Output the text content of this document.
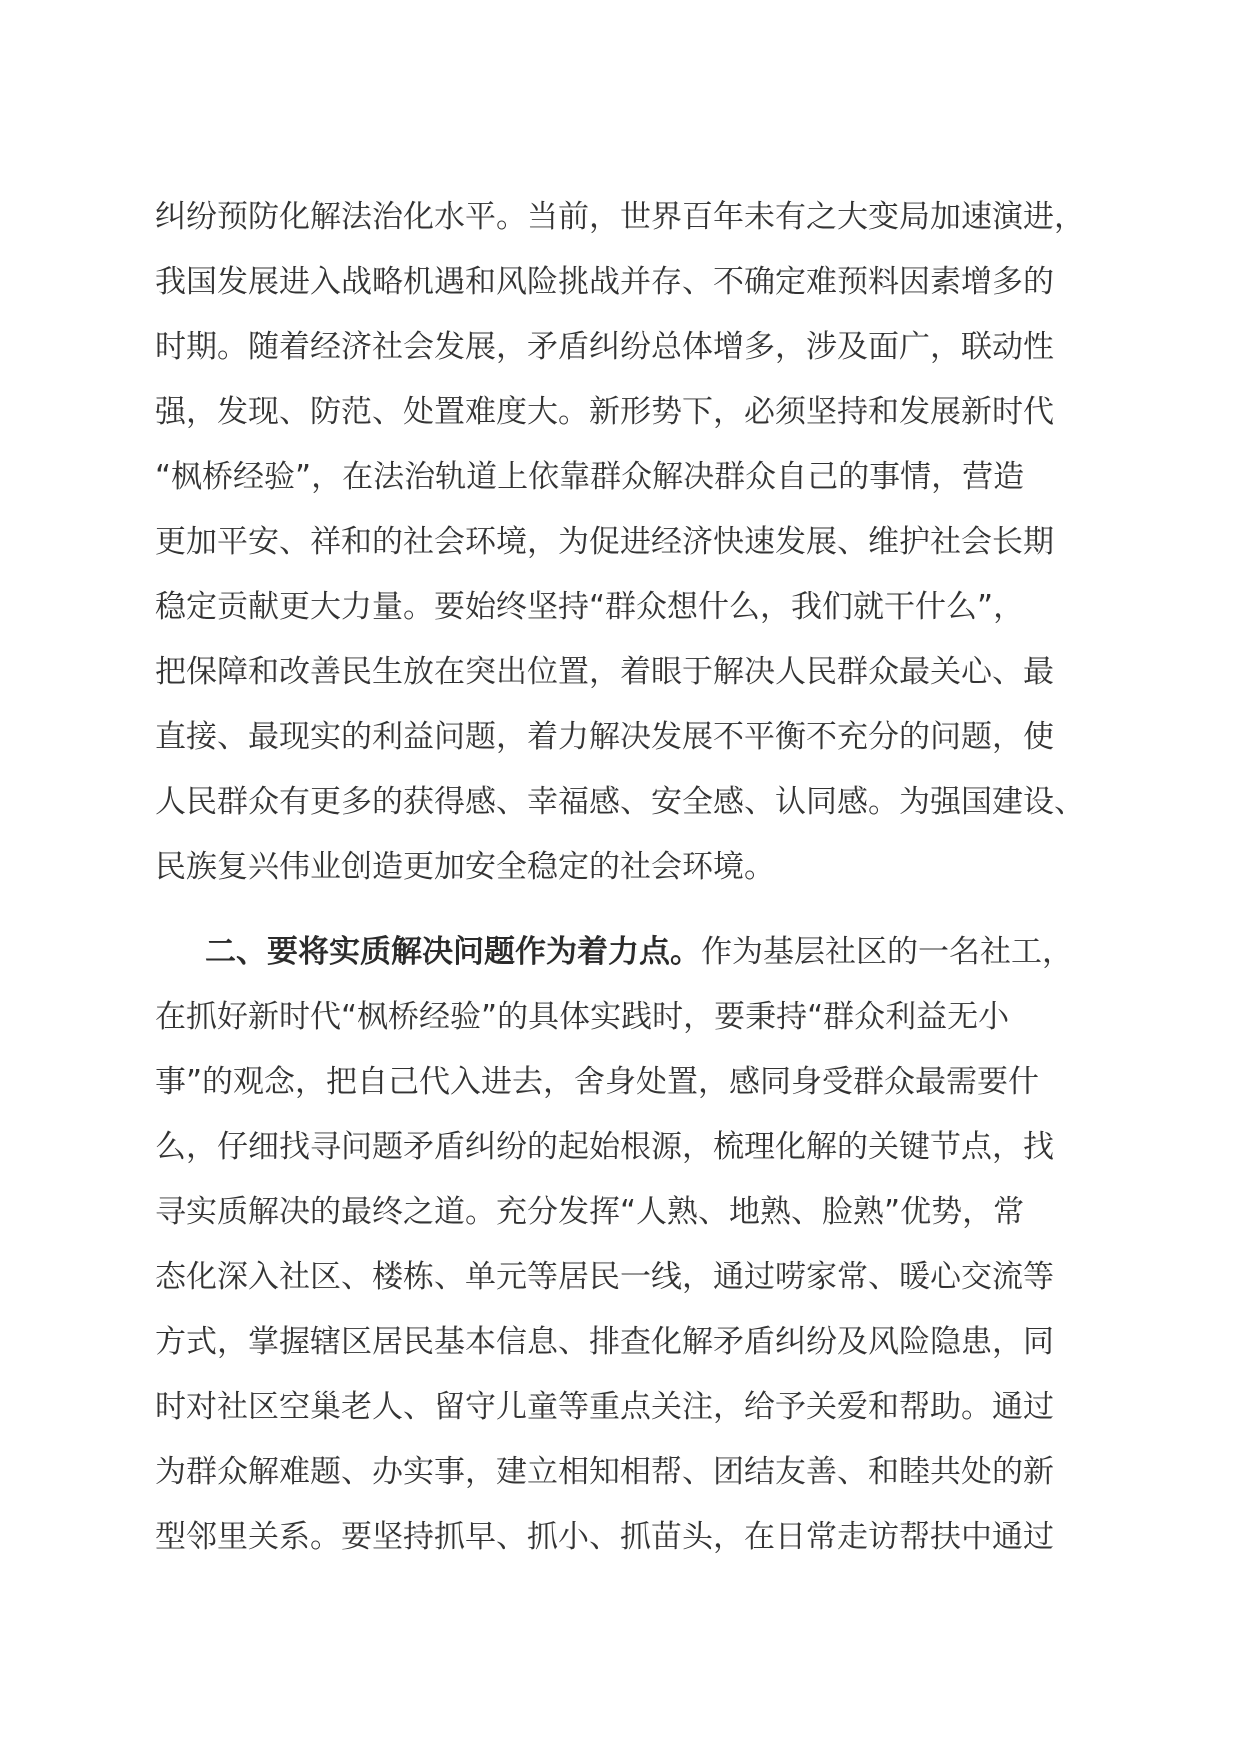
纠纷预防化解法治化水平。当前，世界百年未有之大变局加速演进，
我国发展进入战略机遇和风险挑战并存、不确定难预料因素增多的
时期。随着经济社会发展，矛盾纠纷总体增多，涉及面广，联动性
强，发现、防范、处置难度大。新形势下，必须坚持和发展新时代
“枫桥经验”，在法治轨道上依靠群众解决群众自己的事情，营造
更加平安、祥和的社会环境，为促进经济快速发展、维护社会长期
稳定贡献更大力量。要始终坚持“群众想什么，我们就干什么”，
把保障和改善民生放在突出位置，着眼于解决人民群众最关心、最
直接、最现实的利益问题，着力解决发展不平衡不充分的问题，使
人民群众有更多的获得感、幸福感、安全感、认同感。为强国建设、
民族复兴伟业创造更加安全稳定的社会环境。
二、要将实质解决问题作为着力点。作为基层社区的一名社工，
在抓好新时代“枫桥经验”的具体实践时，要秉持“群众利益无小
事”的观念，把自己代入进去，舍身处置，感同身受群众最需要什
么，仔细找寻问题矛盾纠纷的起始根源，梳理化解的关键节点，找
寻实质解决的最终之道。充分发挥“人熟、地熟、脸熟”优势，常
态化深入社区、楼栋、单元等居民一线，通过唠家常、暖心交流等
方式，掌握辖区居民基本信息、排查化解矛盾纠纷及风险隐患，同
时对社区空巢老人、留守儿童等重点关注，给予关爱和帮助。通过
为群众解难题、办实事，建立相知相帮、团结友善、和睦共处的新
型邻里关系。要坚持抓早、抓小、抓苗头，在日常走访帮扶中通过
